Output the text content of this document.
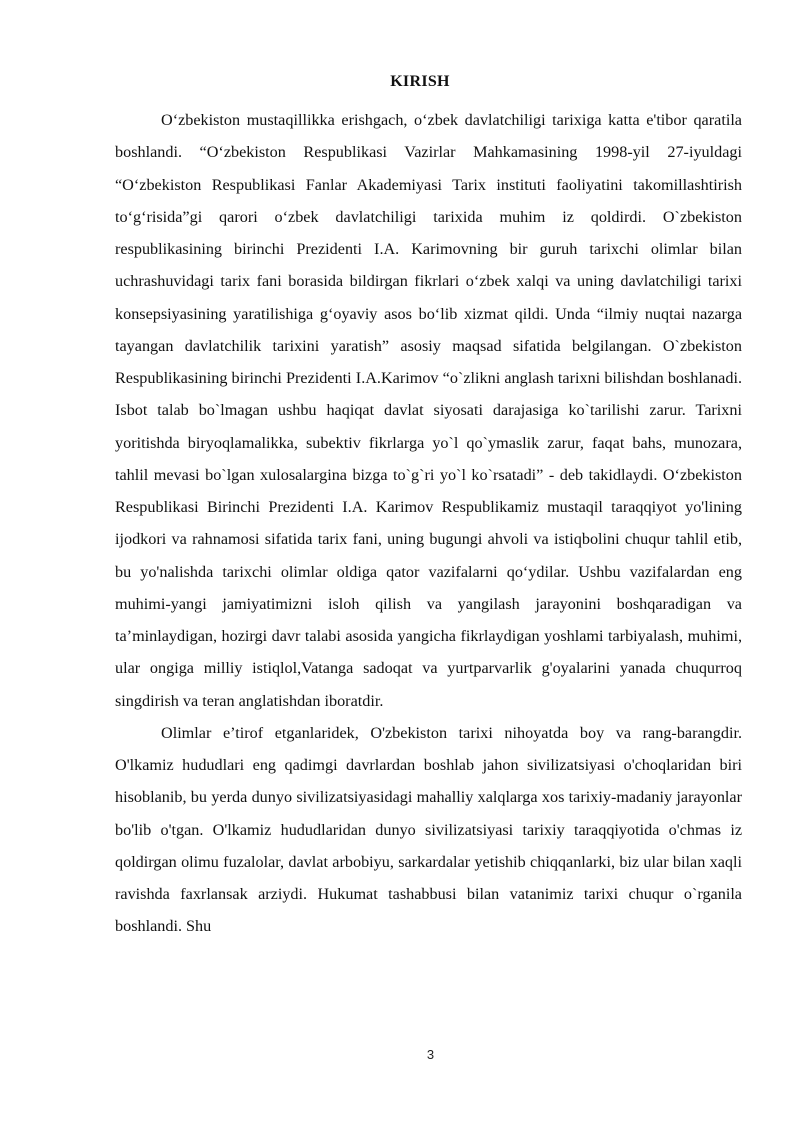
KIRISH

O‘zbekiston mustaqillikka erishgach, o‘zbek davlatchiligi tarixiga katta e'tibor qaratila boshlandi. “O‘zbekiston Respublikasi Vazirlar Mahkamasining 1998-yil 27-iyuldagi “O‘zbekiston Respublikasi Fanlar Akademiyasi Tarix instituti faoliyatini takomillashtirish to‘g‘risida”gi qarori o‘zbek davlatchiligi tarixida muhim iz qoldirdi. O`zbekiston respublikasining birinchi Prezidenti I.A. Karimovning bir guruh tarixchi olimlar bilan uchrashuvidagi tarix fani borasida bildirgan fikrlari o‘zbek xalqi va uning davlatchiligi tarixi konsepsiyasining yaratilishiga g‘oyaviy asos bo‘lib xizmat qildi. Unda “ilmiy nuqtai nazarga tayangan davlatchilik tarixini yaratish” asosiy maqsad sifatida belgilangan. O`zbekiston Respublikasining birinchi Prezidenti I.A.Karimov “o`zlikni anglash tarixni bilishdan boshlanadi. Isbot talab bo`lmagan ushbu haqiqat davlat siyosati darajasiga ko`tarilishi zarur. Tarixni yoritishda biryoqlamalikka, subektiv fikrlarga yo`l qo`ymaslik zarur, faqat bahs, munozara, tahlil mevasi bo`lgan xulosalargina bizga to`g`ri yo`l ko`rsatadi” - deb takidlaydi. O‘zbekiston Respublikasi Birinchi Prezidenti I.A. Karimov Respublikamiz mustaqil taraqqiyot yo'lining ijodkori va rahnamosi sifatida tarix fani, uning bugungi ahvoli va istiqbolini chuqur tahlil etib, bu yo'nalishda tarixchi olimlar oldiga qator vazifalarni qo‘ydilar. Ushbu vazifalardan eng muhimi-yangi jamiyatimizni isloh qilish va yangilash jarayonini boshqaradigan va ta’minlaydigan, hozirgi davr talabi asosida yangicha fikrlaydigan yoshlami tarbiyalash, muhimi, ular ongiga milliy istiqlol,Vatanga sadoqat va yurtparvarlik g'oyalarini yanada chuqurroq singdirish va teran anglatishdan iboratdir.

Olimlar e’tirof etganlaridek, O'zbekiston tarixi nihoyatda boy va rang-barangdir. O'lkamiz hududlari eng qadimgi davrlardan boshlab jahon sivilizatsiyasi o'choqlaridan biri hisoblanib, bu yerda dunyo sivilizatsiyasidagi mahalliy xalqlarga xos tarixiy-madaniy jarayonlar bo'lib o'tgan. O'lkamiz hududlaridan dunyo sivilizatsiyasi tarixiy taraqqiyotida o'chmas iz qoldirgan olimu fuzalolar, davlat arbobiyu, sarkardalar yetishib chiqqanlarki, biz ular bilan xaqli ravishda faxrlansak arziydi. Hukumat tashabbusi bilan vatanimiz tarixi chuqur o`rganila boshlandi. Shu

3
